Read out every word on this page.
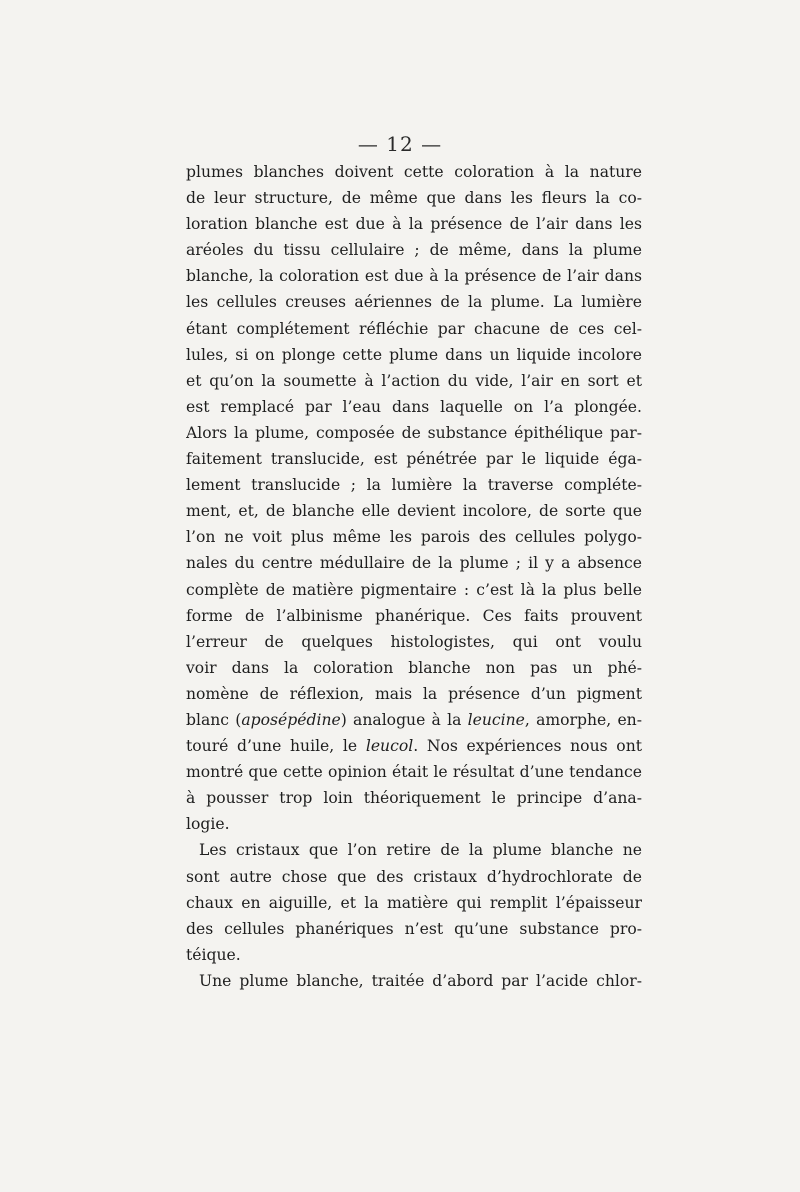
— 12 —
plumes blanches doivent cette coloration à la nature
de leur structure, de même que dans les fleurs la co-
loration blanche est due à la présence de l’air dans les
aréoles du tissu cellulaire ; de même, dans la plume
blanche, la coloration est due à la présence de l’air dans
les cellules creuses aériennes de la plume. La lumière
étant complétement réfléchie par chacune de ces cel-
lules, si on plonge cette plume dans un liquide incolore
et qu’on la soumette à l’action du vide, l’air en sort et
est remplacé par l’eau dans laquelle on l’a plongée.
Alors la plume, composée de substance épithélique par-
faitement translucide, est pénétrée par le liquide éga-
lement translucide ; la lumière la traverse compléte-
ment, et, de blanche elle devient incolore, de sorte que
l’on ne voit plus même les parois des cellules polygo-
nales du centre médullaire de la plume ; il y a absence
complète de matière pigmentaire : c’est là la plus belle
forme de l’albinisme phanérique. Ces faits prouvent
l’erreur de quelques histologistes, qui ont voulu
voir dans la coloration blanche non pas un phé-
nomène de réflexion, mais la présence d’un pigment
blanc (aposépédine) analogue à la leucine, amorphe, en-
touré d’une huile, le leucol. Nos expériences nous ont
montré que cette opinion était le résultat d’une tendance
à pousser trop loin théoriquement le principe d’ana-
logie.
Les cristaux que l’on retire de la plume blanche ne
sont autre chose que des cristaux d’hydrochlorate de
chaux en aiguille, et la matière qui remplit l’épaisseur
des cellules phanériques n’est qu’une substance pro-
téique.
Une plume blanche, traitée d’abord par l’acide chlor-
